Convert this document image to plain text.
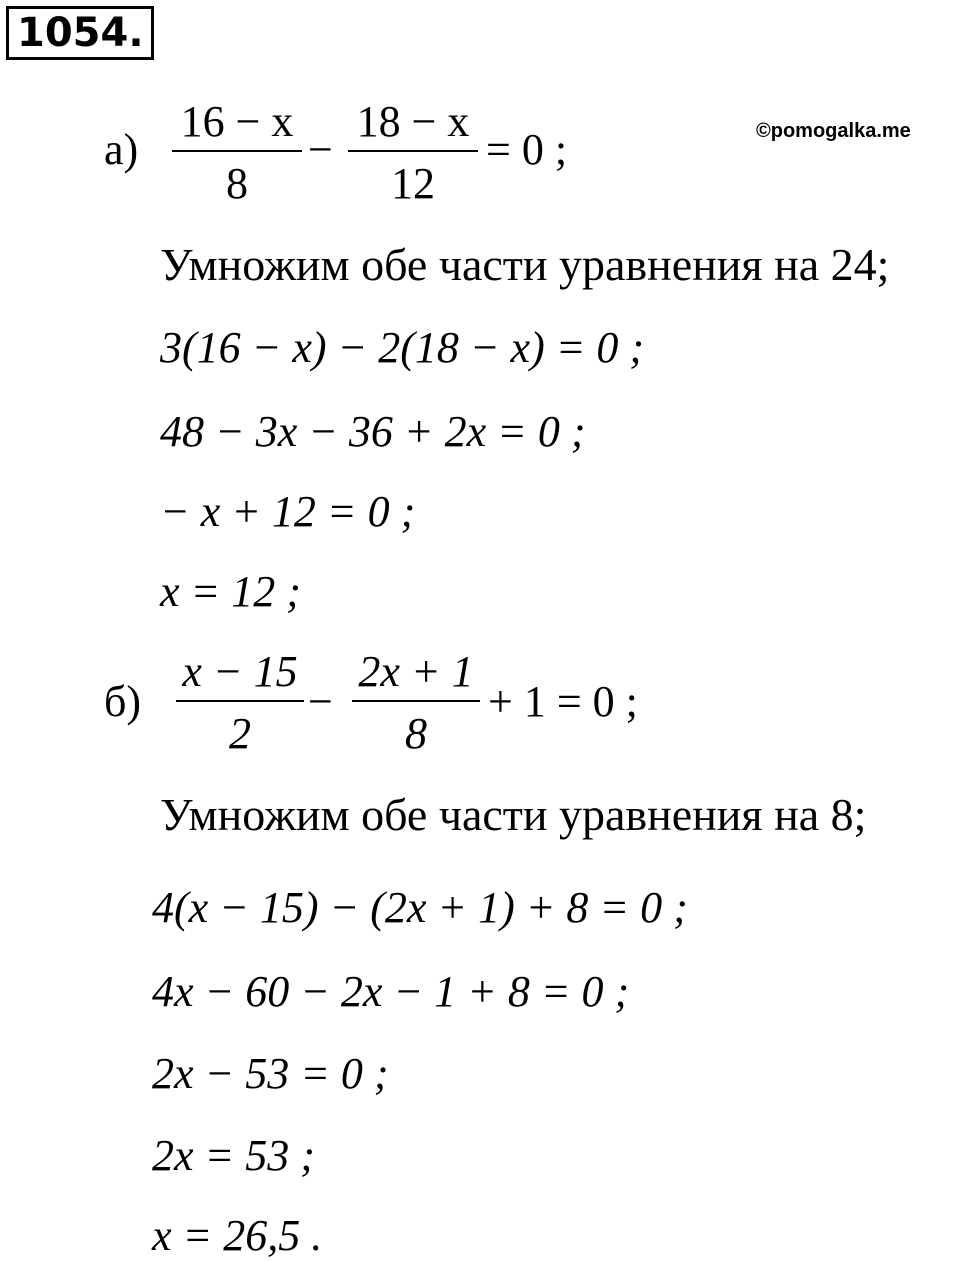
1054.
©pomogalka.me
а)
16 − x
8
−
18 − x
12
= 0 ;
Умножим обе части уравнения на 24;
3(16 − x) − 2(18 − x) = 0 ;
48 − 3x − 36 + 2x = 0 ;
− x + 12 = 0 ;
x = 12 ;
б)
x − 15
2
−
2x + 1
8
+ 1 = 0 ;
Умножим обе части уравнения на 8;
4(x − 15) − (2x + 1) + 8 = 0 ;
4x − 60 − 2x − 1 + 8 = 0 ;
2x − 53 = 0 ;
2x = 53 ;
x = 26,5 .
